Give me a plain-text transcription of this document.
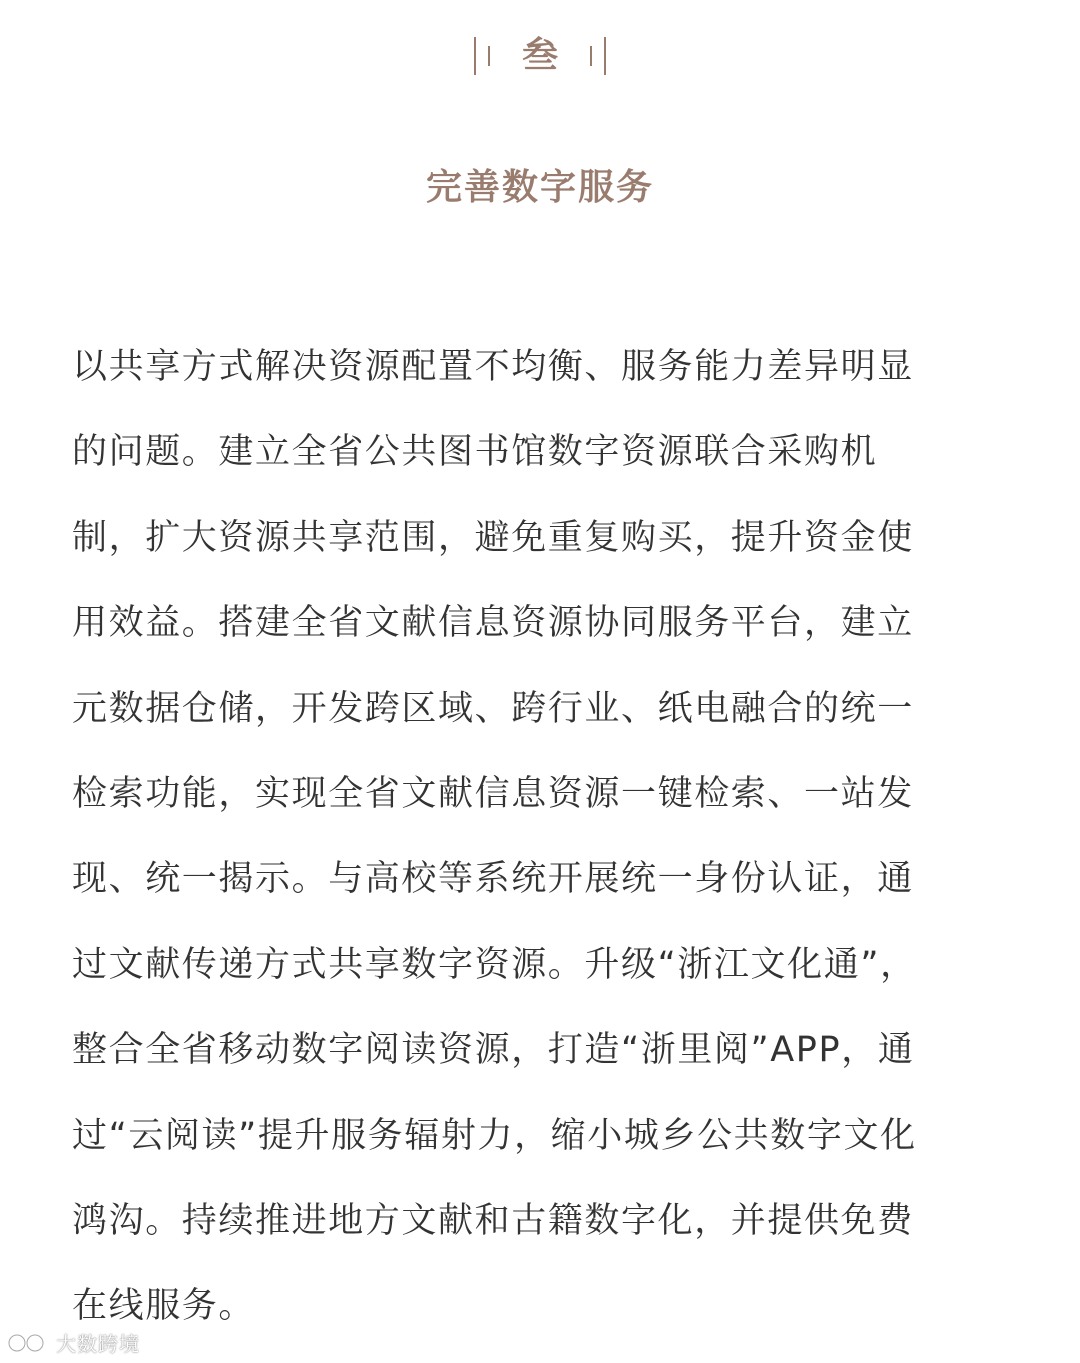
叁
完善数字服务
以共享方式解决资源配置不均衡、服务能力差异明显
的问题。建立全省公共图书馆数字资源联合采购机
制，扩大资源共享范围，避免重复购买，提升资金使
用效益。搭建全省文献信息资源协同服务平台，建立
元数据仓储，开发跨区域、跨行业、纸电融合的统一
检索功能，实现全省文献信息资源一键检索、一站发
现、统一揭示。与高校等系统开展统一身份认证，通
过文献传递方式共享数字资源。升级“浙江文化通”，
整合全省移动数字阅读资源，打造“浙里阅”APP，通
过“云阅读”提升服务辐射力，缩小城乡公共数字文化
鸿沟。持续推进地方文献和古籍数字化，并提供免费
在线服务。
大数跨境
